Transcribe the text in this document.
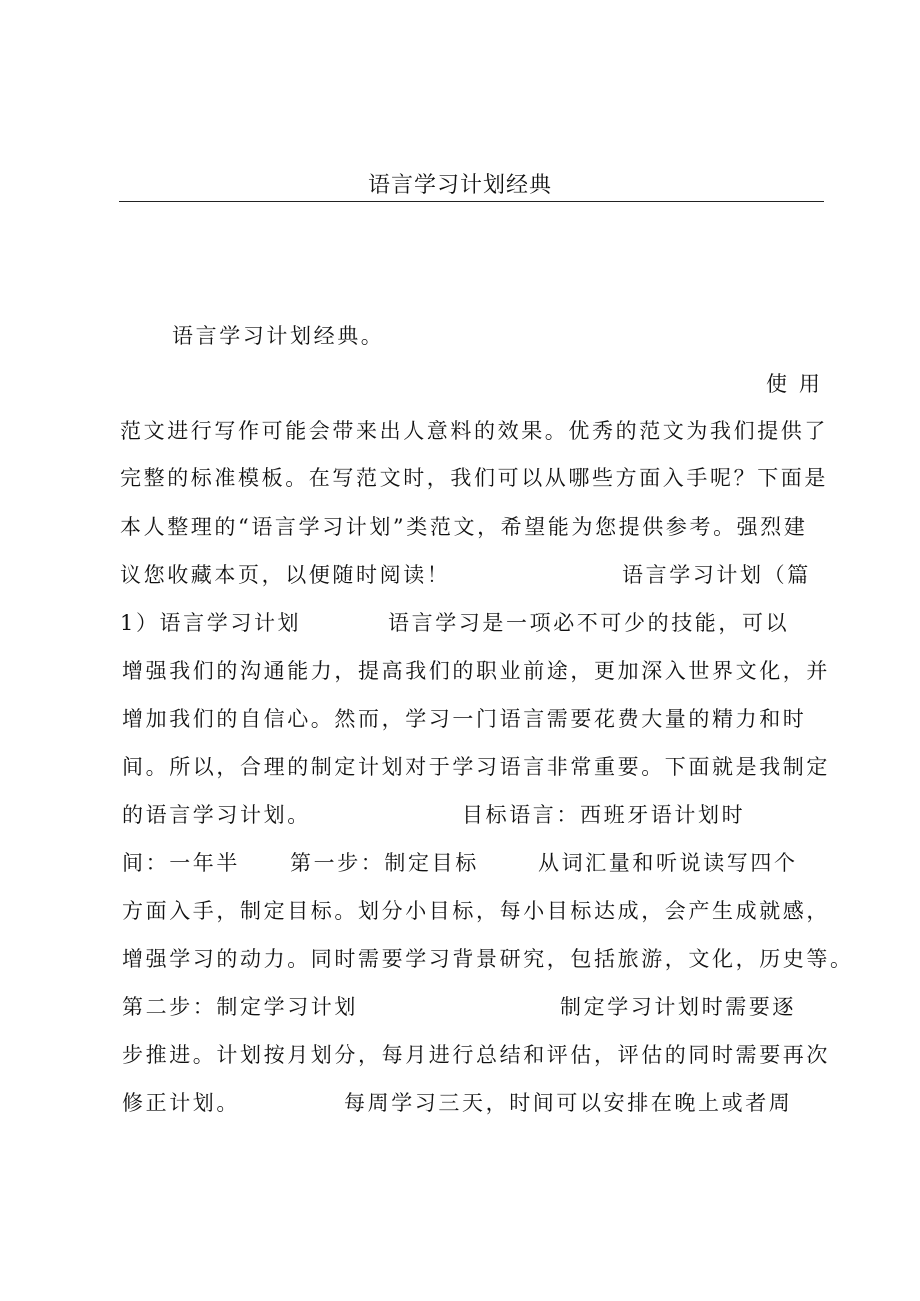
语言学习计划经典
语言学习计划经典。
使 用
范文进行写作可能会带来出人意料的效果。优秀的范文为我们提供了
完整的标准模板。在写范文时，我们可以从哪些方面入手呢？下面是
本人整理的“语言学习计划”类范文，希望能为您提供参考。强烈建
议您收藏本页，以便随时阅读！	语言学习计划（篇
1）语言学习计划	语言学习是一项必不可少的技能，可以
增强我们的沟通能力，提高我们的职业前途，更加深入世界文化，并
增加我们的自信心。然而，学习一门语言需要花费大量的精力和时
间。所以，合理的制定计划对于学习语言非常重要。下面就是我制定
的语言学习计划。	目标语言：西班牙语计划时
间：一年半 第一步：制定目标	从词汇量和听说读写四个
方面入手，制定目标。划分小目标，每小目标达成，会产生成就感，
增强学习的动力。同时需要学习背景研究，包括旅游，文化，历史等。
第二步：制定学习计划	制定学习计划时需要逐
步推进。计划按月划分，每月进行总结和评估，评估的同时需要再次
修正计划。	每周学习三天，时间可以安排在晚上或者周
